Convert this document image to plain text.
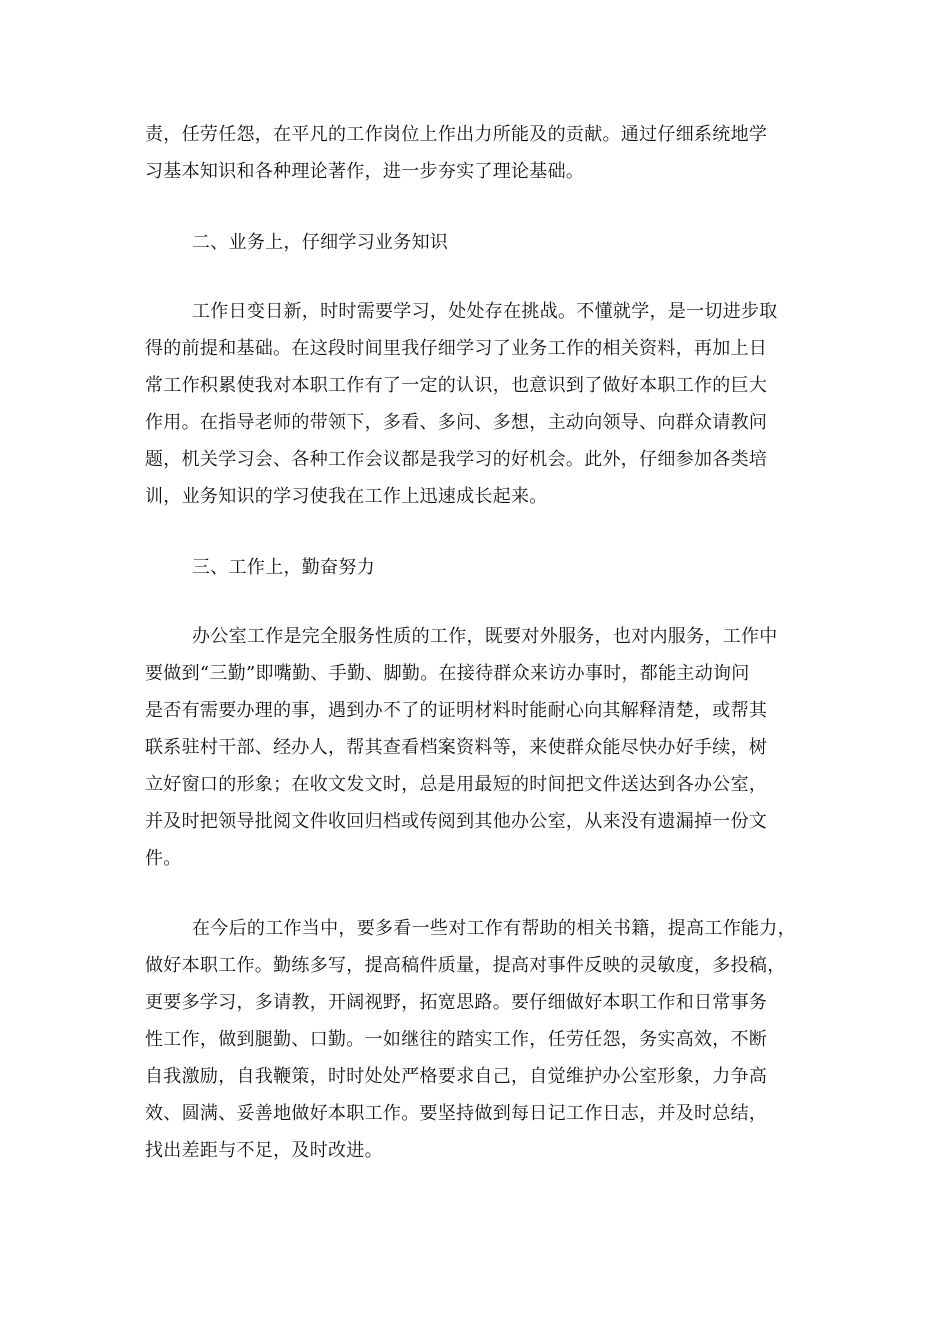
责，任劳任怨，在平凡的工作岗位上作出力所能及的贡献。通过仔细系统地学

习基本知识和各种理论著作，进一步夯实了理论基础。

二、业务上，仔细学习业务知识

工作日变日新，时时需要学习，处处存在挑战。不懂就学，是一切进步取

得的前提和基础。在这段时间里我仔细学习了业务工作的相关资料，再加上日

常工作积累使我对本职工作有了一定的认识，也意识到了做好本职工作的巨大

作用。在指导老师的带领下，多看、多问、多想，主动向领导、向群众请教问

题，机关学习会、各种工作会议都是我学习的好机会。此外，仔细参加各类培

训，业务知识的学习使我在工作上迅速成长起来。

三、工作上，勤奋努力

办公室工作是完全服务性质的工作，既要对外服务，也对内服务，工作中

要做到“三勤”即嘴勤、手勤、脚勤。在接待群众来访办事时，都能主动询问

是否有需要办理的事，遇到办不了的证明材料时能耐心向其解释清楚，或帮其

联系驻村干部、经办人，帮其查看档案资料等，来使群众能尽快办好手续，树

立好窗口的形象；在收文发文时，总是用最短的时间把文件送达到各办公室，

并及时把领导批阅文件收回归档或传阅到其他办公室，从来没有遗漏掉一份文

件。

在今后的工作当中，要多看一些对工作有帮助的相关书籍，提高工作能力，

做好本职工作。勤练多写，提高稿件质量，提高对事件反映的灵敏度，多投稿，

更要多学习，多请教，开阔视野，拓宽思路。要仔细做好本职工作和日常事务

性工作，做到腿勤、口勤。一如继往的踏实工作，任劳任怨，务实高效，不断

自我激励，自我鞭策，时时处处严格要求自己，自觉维护办公室形象，力争高

效、圆满、妥善地做好本职工作。要坚持做到每日记工作日志，并及时总结，

找出差距与不足，及时改进。
